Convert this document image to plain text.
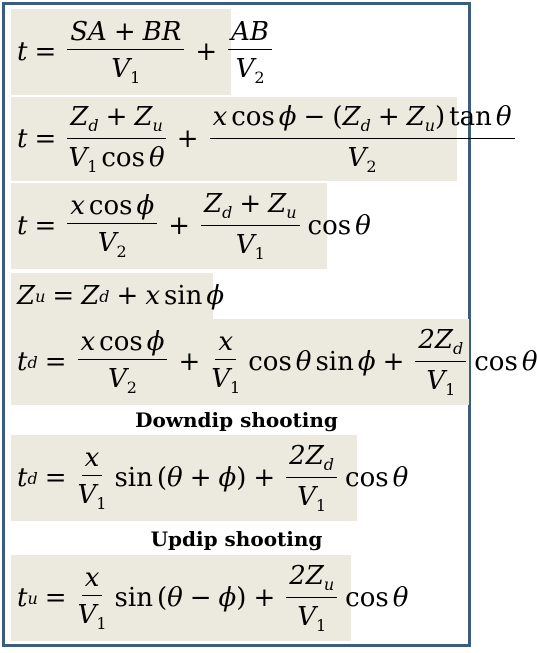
$t = \frac{SA + BR}{V_1} + \frac{AB}{V_2}$
$t = \frac{Z_d + Z_u}{V_1 \cos \theta} + \frac{x \cos \phi - (Z_d + Z_u) \tan \theta}{V_2}$
$t = \frac{\text{x cos ϕ}}{V_2} + \frac{Z_d + Z_u}{V_1}$ cos θ
Z u = Z d + x sin ϕ
t $d = \frac{\text{x cos ϕ}}{V_2} + \frac{x}{V_1}$ cos θ $\sin \phi + \frac{2Z_d}{V_1}$ cos θ
Downdip shooting
t $d = \frac{x}{V_1}$ sin ( θ + ϕ ) + $\frac{2Z_d}{V_1}$ cos θ
Updip shooting
t $u = \frac{x}{V_1}$ sin ( θ − ϕ ) + $\frac{2Z_u}{V_1}$ cos θ
